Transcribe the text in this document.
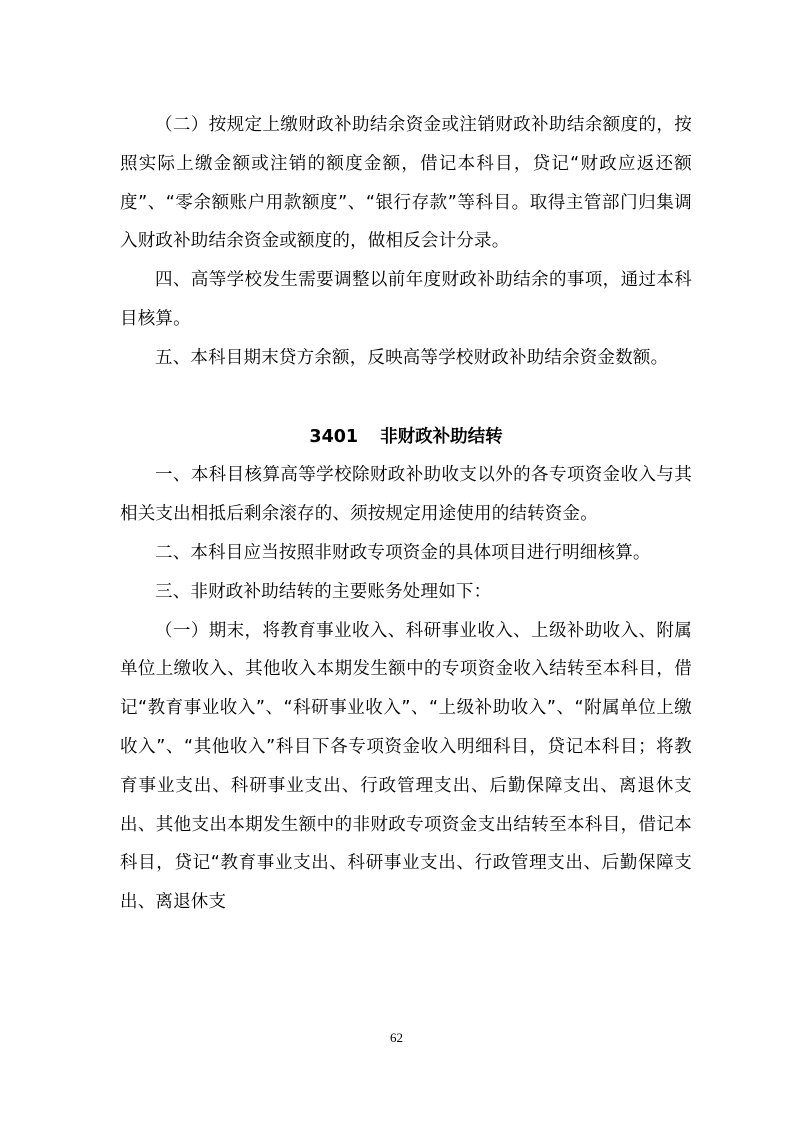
（二）按规定上缴财政补助结余资金或注销财政补助结余额度的，按照实际上缴金额或注销的额度金额，借记本科目，贷记“财政应返还额度”、“零余额账户用款额度”、“银行存款”等科目。取得主管部门归集调入财政补助结余资金或额度的，做相反会计分录。

四、高等学校发生需要调整以前年度财政补助结余的事项，通过本科目核算。

五、本科目期末贷方余额，反映高等学校财政补助结余资金数额。

3401 非财政补助结转

一、本科目核算高等学校除财政补助收支以外的各专项资金收入与其相关支出相抵后剩余滚存的、须按规定用途使用的结转资金。

二、本科目应当按照非财政专项资金的具体项目进行明细核算。

三、非财政补助结转的主要账务处理如下：

（一）期末，将教育事业收入、科研事业收入、上级补助收入、附属单位上缴收入、其他收入本期发生额中的专项资金收入结转至本科目，借记“教育事业收入”、“科研事业收入”、“上级补助收入”、“附属单位上缴收入”、“其他收入”科目下各专项资金收入明细科目，贷记本科目；将教育事业支出、科研事业支出、行政管理支出、后勤保障支出、离退休支出、其他支出本期发生额中的非财政专项资金支出结转至本科目，借记本科目，贷记“教育事业支出、科研事业支出、行政管理支出、后勤保障支出、离退休支

62
